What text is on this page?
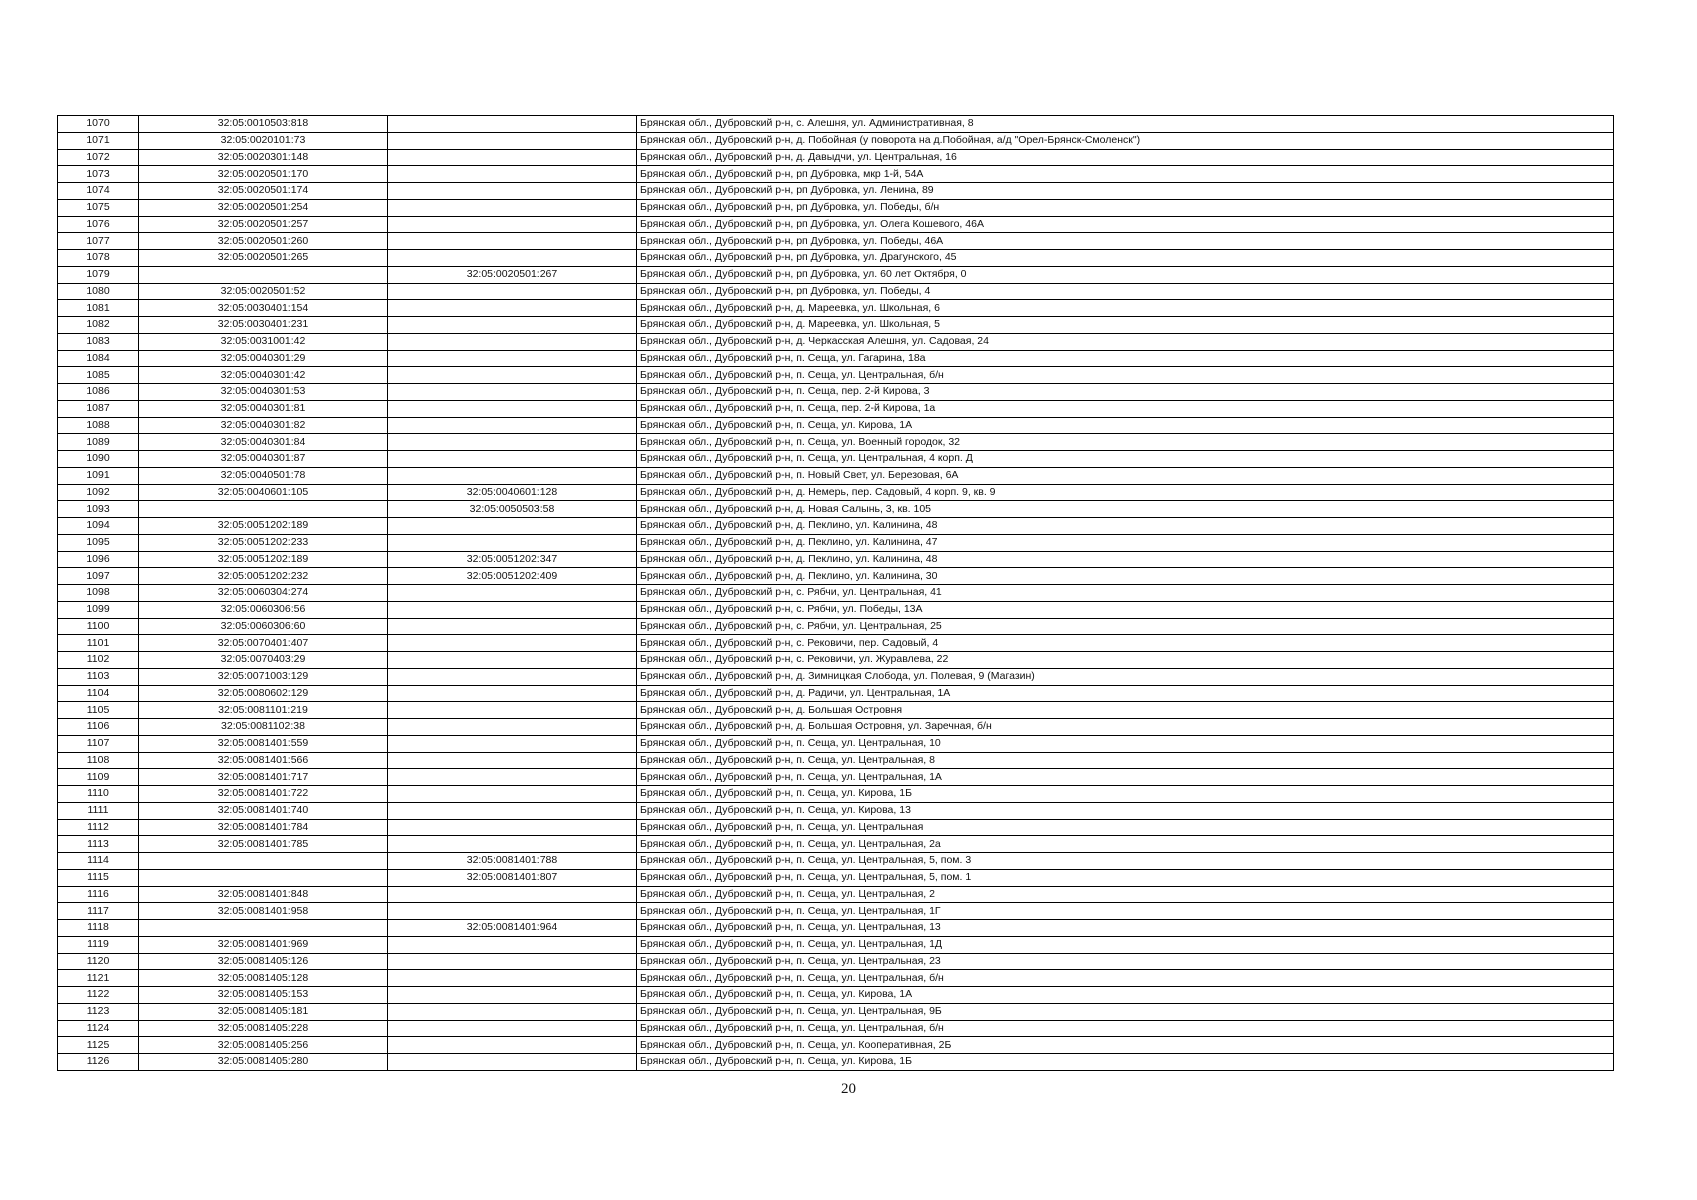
1070	32:05:0010503:818		Брянская обл., Дубровский р-н, с. Алешня, ул. Административная, 8
1071	32:05:0020101:73		Брянская обл., Дубровский р-н, д. Побойная (у поворота на д.Побойная, а/д "Орел-Брянск-Смоленск")
1072	32:05:0020301:148		Брянская обл., Дубровский р-н, д. Давыдчи, ул. Центральная, 16
1073	32:05:0020501:170		Брянская обл., Дубровский р-н, рп Дубровка, мкр 1-й, 54А
1074	32:05:0020501:174		Брянская обл., Дубровский р-н, рп Дубровка, ул. Ленина, 89
1075	32:05:0020501:254		Брянская обл., Дубровский р-н, рп Дубровка, ул. Победы, б/н
1076	32:05:0020501:257		Брянская обл., Дубровский р-н, рп Дубровка, ул. Олега Кошевого, 46А
1077	32:05:0020501:260		Брянская обл., Дубровский р-н, рп Дубровка, ул. Победы, 46А
1078	32:05:0020501:265		Брянская обл., Дубровский р-н, рп Дубровка, ул. Драгунского, 45
1079		32:05:0020501:267	Брянская обл., Дубровский р-н, рп Дубровка, ул. 60 лет Октября, 0
1080	32:05:0020501:52		Брянская обл., Дубровский р-н, рп Дубровка, ул. Победы, 4
1081	32:05:0030401:154		Брянская обл., Дубровский р-н, д. Мареевка, ул. Школьная, 6
1082	32:05:0030401:231		Брянская обл., Дубровский р-н, д. Мареевка, ул. Школьная, 5
1083	32:05:0031001:42		Брянская обл., Дубровский р-н, д. Черкасская Алешня, ул. Садовая, 24
1084	32:05:0040301:29		Брянская обл., Дубровский р-н, п. Сеща, ул. Гагарина, 18а
1085	32:05:0040301:42		Брянская обл., Дубровский р-н, п. Сеща, ул. Центральная, б/н
1086	32:05:0040301:53		Брянская обл., Дубровский р-н, п. Сеща, пер. 2-й Кирова, 3
1087	32:05:0040301:81		Брянская обл., Дубровский р-н, п. Сеща, пер. 2-й Кирова, 1а
1088	32:05:0040301:82		Брянская обл., Дубровский р-н, п. Сеща, ул. Кирова, 1А
1089	32:05:0040301:84		Брянская обл., Дубровский р-н, п. Сеща, ул. Военный городок, 32
1090	32:05:0040301:87		Брянская обл., Дубровский р-н, п. Сеща, ул. Центральная, 4 корп. Д
1091	32:05:0040501:78		Брянская обл., Дубровский р-н, п. Новый Свет, ул. Березовая, 6А
1092	32:05:0040601:105	32:05:0040601:128	Брянская обл., Дубровский р-н, д. Немерь, пер. Садовый, 4 корп. 9, кв. 9
1093		32:05:0050503:58	Брянская обл., Дубровский р-н, д. Новая Салынь, 3, кв. 105
1094	32:05:0051202:189		Брянская обл., Дубровский р-н, д. Пеклино, ул. Калинина, 48
1095	32:05:0051202:233		Брянская обл., Дубровский р-н, д. Пеклино, ул. Калинина, 47
1096	32:05:0051202:189	32:05:0051202:347	Брянская обл., Дубровский р-н, д. Пеклино, ул. Калинина, 48
1097	32:05:0051202:232	32:05:0051202:409	Брянская обл., Дубровский р-н, д. Пеклино, ул. Калинина, 30
1098	32:05:0060304:274		Брянская обл., Дубровский р-н, с. Рябчи, ул. Центральная, 41
1099	32:05:0060306:56		Брянская обл., Дубровский р-н, с. Рябчи, ул. Победы, 13А
1100	32:05:0060306:60		Брянская обл., Дубровский р-н, с. Рябчи, ул. Центральная, 25
1101	32:05:0070401:407		Брянская обл., Дубровский р-н, с. Рековичи, пер. Садовый, 4
1102	32:05:0070403:29		Брянская обл., Дубровский р-н, с. Рековичи, ул. Журавлева, 22
1103	32:05:0071003:129		Брянская обл., Дубровский р-н, д. Зимницкая Слобода, ул. Полевая, 9 (Магазин)
1104	32:05:0080602:129		Брянская обл., Дубровский р-н, д. Радичи, ул. Центральная, 1А
1105	32:05:0081101:219		Брянская обл., Дубровский р-н, д. Большая Островня
1106	32:05:0081102:38		Брянская обл., Дубровский р-н, д. Большая Островня, ул. Заречная, б/н
1107	32:05:0081401:559		Брянская обл., Дубровский р-н, п. Сеща, ул. Центральная, 10
1108	32:05:0081401:566		Брянская обл., Дубровский р-н, п. Сеща, ул. Центральная, 8
1109	32:05:0081401:717		Брянская обл., Дубровский р-н, п. Сеща, ул. Центральная, 1А
1110	32:05:0081401:722		Брянская обл., Дубровский р-н, п. Сеща, ул. Кирова, 1Б
1111	32:05:0081401:740		Брянская обл., Дубровский р-н, п. Сеща, ул. Кирова, 13
1112	32:05:0081401:784		Брянская обл., Дубровский р-н, п. Сеща, ул. Центральная
1113	32:05:0081401:785		Брянская обл., Дубровский р-н, п. Сеща, ул. Центральная, 2а
1114		32:05:0081401:788	Брянская обл., Дубровский р-н, п. Сеща, ул. Центральная, 5, пом. 3
1115		32:05:0081401:807	Брянская обл., Дубровский р-н, п. Сеща, ул. Центральная, 5, пом. 1
1116	32:05:0081401:848		Брянская обл., Дубровский р-н, п. Сеща, ул. Центральная, 2
1117	32:05:0081401:958		Брянская обл., Дубровский р-н, п. Сеща, ул. Центральная, 1Г
1118		32:05:0081401:964	Брянская обл., Дубровский р-н, п. Сеща, ул. Центральная, 13
1119	32:05:0081401:969		Брянская обл., Дубровский р-н, п. Сеща, ул. Центральная, 1Д
1120	32:05:0081405:126		Брянская обл., Дубровский р-н, п. Сеща, ул. Центральная, 23
1121	32:05:0081405:128		Брянская обл., Дубровский р-н, п. Сеща, ул. Центральная, б/н
1122	32:05:0081405:153		Брянская обл., Дубровский р-н, п. Сеща, ул. Кирова, 1А
1123	32:05:0081405:181		Брянская обл., Дубровский р-н, п. Сеща, ул. Центральная, 9Б
1124	32:05:0081405:228		Брянская обл., Дубровский р-н, п. Сеща, ул. Центральная, б/н
1125	32:05:0081405:256		Брянская обл., Дубровский р-н, п. Сеща, ул. Кооперативная, 2Б
1126	32:05:0081405:280		Брянская обл., Дубровский р-н, п. Сеща, ул. Кирова, 1Б
20
